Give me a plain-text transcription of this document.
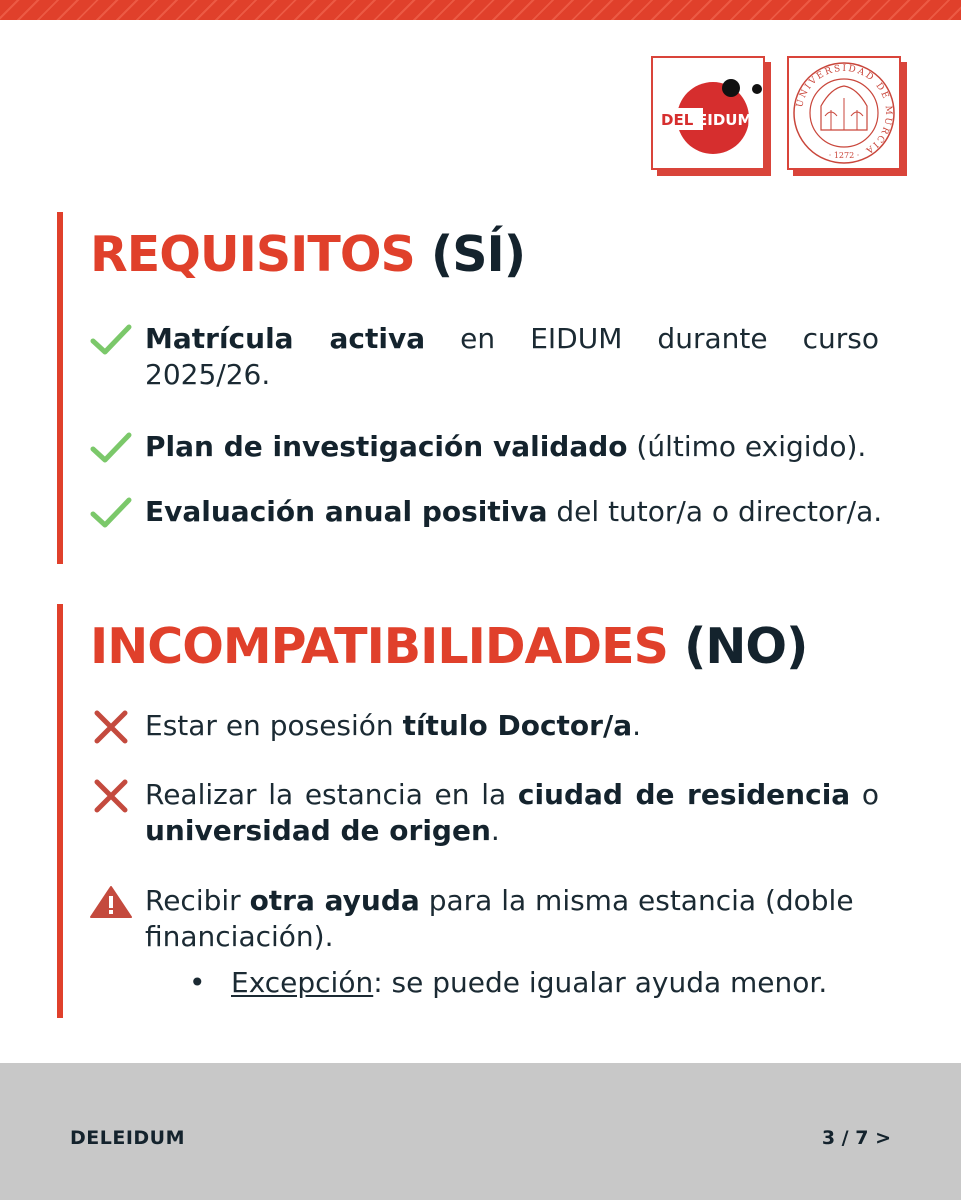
DEL EIDUM
UNIVERSIDAD DE MURCIA
· 1272 ·
REQUISITOS (SÍ)
Matrícula activa en EIDUM durante curso 2025/26.
Plan de investigación validado (último exigido).
Evaluación anual positiva del tutor/a o director/a.
INCOMPATIBILIDADES (NO)
Estar en posesión título Doctor/a.
Realizar la estancia en la ciudad de residencia o universidad de origen.
Recibir otra ayuda para la misma estancia (doble financiación).
• Excepción: se puede igualar ayuda menor.
DELEIDUM	3 / 7 >
